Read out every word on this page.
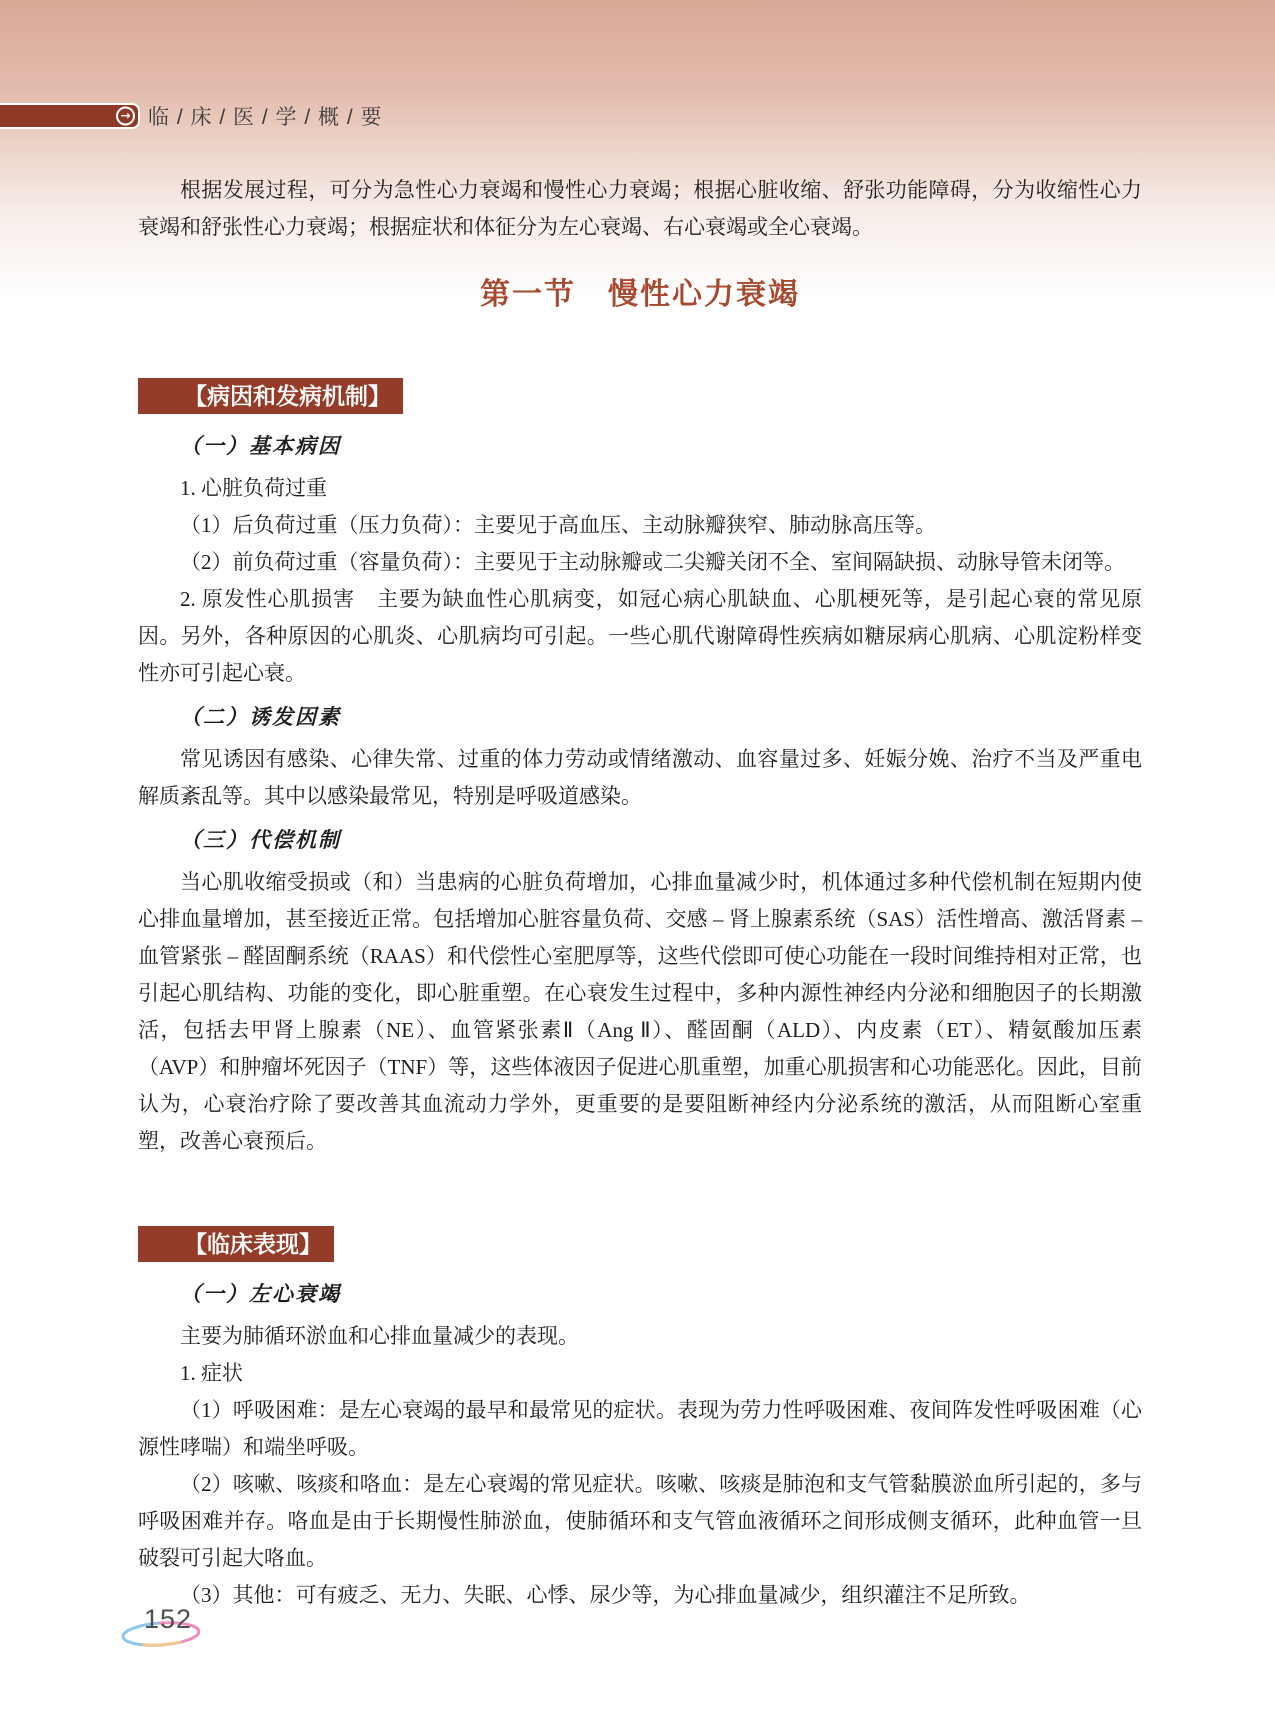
→ 临 / 床 / 医 / 学 / 概 / 要

根据发展过程，可分为急性心力衰竭和慢性心力衰竭；根据心脏收缩、舒张功能障碍，分为收缩性心力衰竭和舒张性心力衰竭；根据症状和体征分为左心衰竭、右心衰竭或全心衰竭。

第一节　慢性心力衰竭
【病因和发病机制】

（一）基本病因

1. 心脏负荷过重

（1）后负荷过重（压力负荷）：主要见于高血压、主动脉瓣狭窄、肺动脉高压等。

（2）前负荷过重（容量负荷）：主要见于主动脉瓣或二尖瓣关闭不全、室间隔缺损、动脉导管未闭等。

2. 原发性心肌损害　主要为缺血性心肌病变，如冠心病心肌缺血、心肌梗死等，是引起心衰的常见原因。另外，各种原因的心肌炎、心肌病均可引起。一些心肌代谢障碍性疾病如糖尿病心肌病、心肌淀粉样变性亦可引起心衰。

（二）诱发因素

常见诱因有感染、心律失常、过重的体力劳动或情绪激动、血容量过多、妊娠分娩、治疗不当及严重电解质紊乱等。其中以感染最常见，特别是呼吸道感染。

（三）代偿机制

当心肌收缩受损或（和）当患病的心脏负荷增加，心排血量减少时，机体通过多种代偿机制在短期内使心排血量增加，甚至接近正常。包括增加心脏容量负荷、交感 – 肾上腺素系统（SAS）活性增高、激活肾素 – 血管紧张 – 醛固酮系统（RAAS）和代偿性心室肥厚等，这些代偿即可使心功能在一段时间维持相对正常，也引起心肌结构、功能的变化，即心脏重塑。在心衰发生过程中，多种内源性神经内分泌和细胞因子的长期激活，包括去甲肾上腺素（NE）、血管紧张素Ⅱ（Ang Ⅱ）、醛固酮（ALD）、内皮素（ET）、精氨酸加压素（AVP）和肿瘤坏死因子（TNF）等，这些体液因子促进心肌重塑，加重心肌损害和心功能恶化。因此，目前认为，心衰治疗除了要改善其血流动力学外，更重要的是要阻断神经内分泌系统的激活，从而阻断心室重塑，改善心衰预后。

【临床表现】

（一）左心衰竭

主要为肺循环淤血和心排血量减少的表现。

1. 症状

（1）呼吸困难：是左心衰竭的最早和最常见的症状。表现为劳力性呼吸困难、夜间阵发性呼吸困难（心源性哮喘）和端坐呼吸。

（2）咳嗽、咳痰和咯血：是左心衰竭的常见症状。咳嗽、咳痰是肺泡和支气管黏膜淤血所引起的，多与呼吸困难并存。咯血是由于长期慢性肺淤血，使肺循环和支气管血液循环之间形成侧支循环，此种血管一旦破裂可引起大咯血。

（3）其他：可有疲乏、无力、失眠、心悸、尿少等，为心排血量减少，组织灌注不足所致。

152
